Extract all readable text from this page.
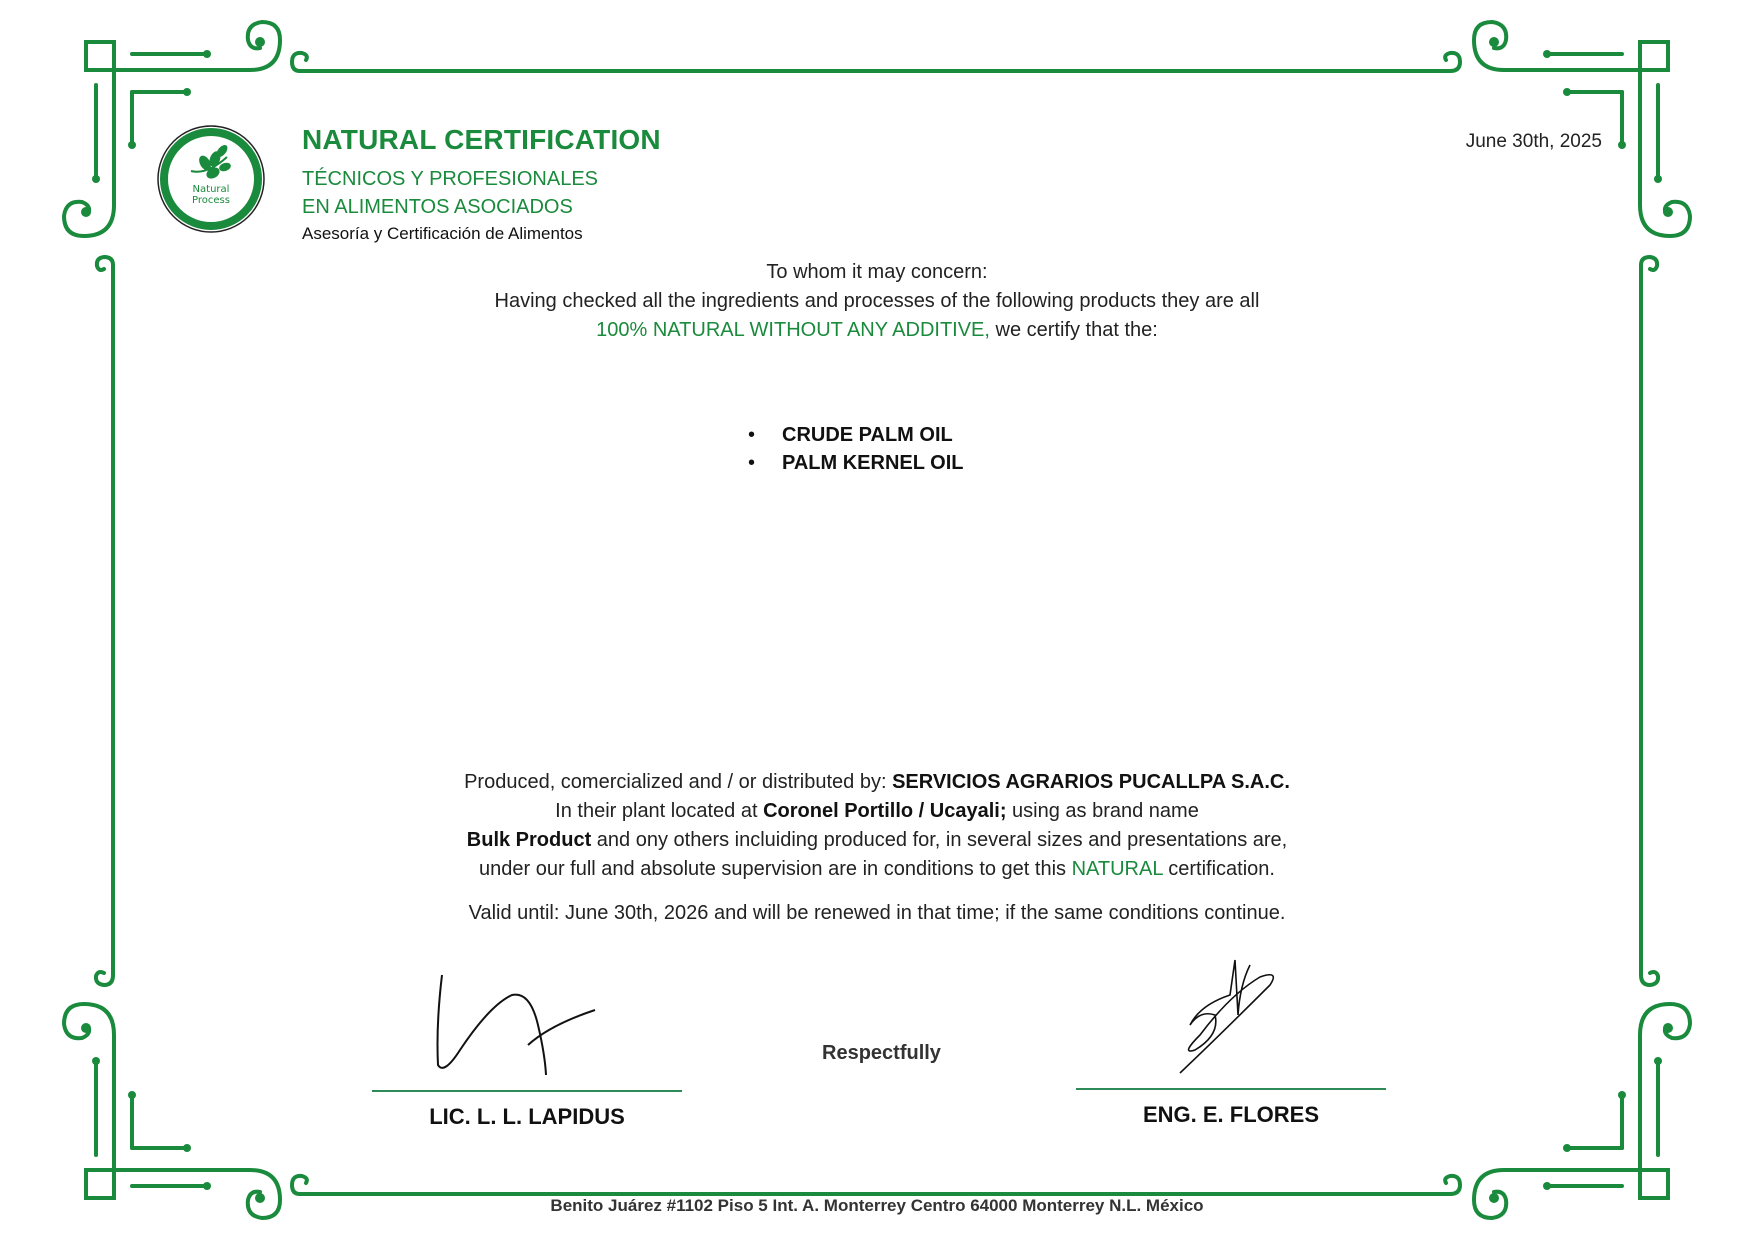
Natural
Process
NATURAL CERTIFICATION
TÉCNICOS Y PROFESIONALES
EN ALIMENTOS ASOCIADOS
Asesoría y Certificación de Alimentos
June 30th, 2025
To whom it may concern:
Having checked all the ingredients and processes of the following products they are all
100% NATURAL WITHOUT ANY ADDITIVE, we certify that the:
• CRUDE PALM OIL
• PALM KERNEL OIL
Produced, comercialized and / or distributed by: SERVICIOS AGRARIOS PUCALLPA S.A.C.
In their plant located at Coronel Portillo / Ucayali; using as brand name
Bulk Product and ony others incluiding produced for, in several sizes and presentations are,
under our full and absolute supervision are in conditions to get this NATURAL certification.
Valid until: June 30th, 2026 and will be renewed in that time; if the same conditions continue.
Respectfully
LIC. L. L. LAPIDUS	ENG. E. FLORES
Benito Juárez #1102 Piso 5 Int. A. Monterrey Centro 64000 Monterrey N.L. México
